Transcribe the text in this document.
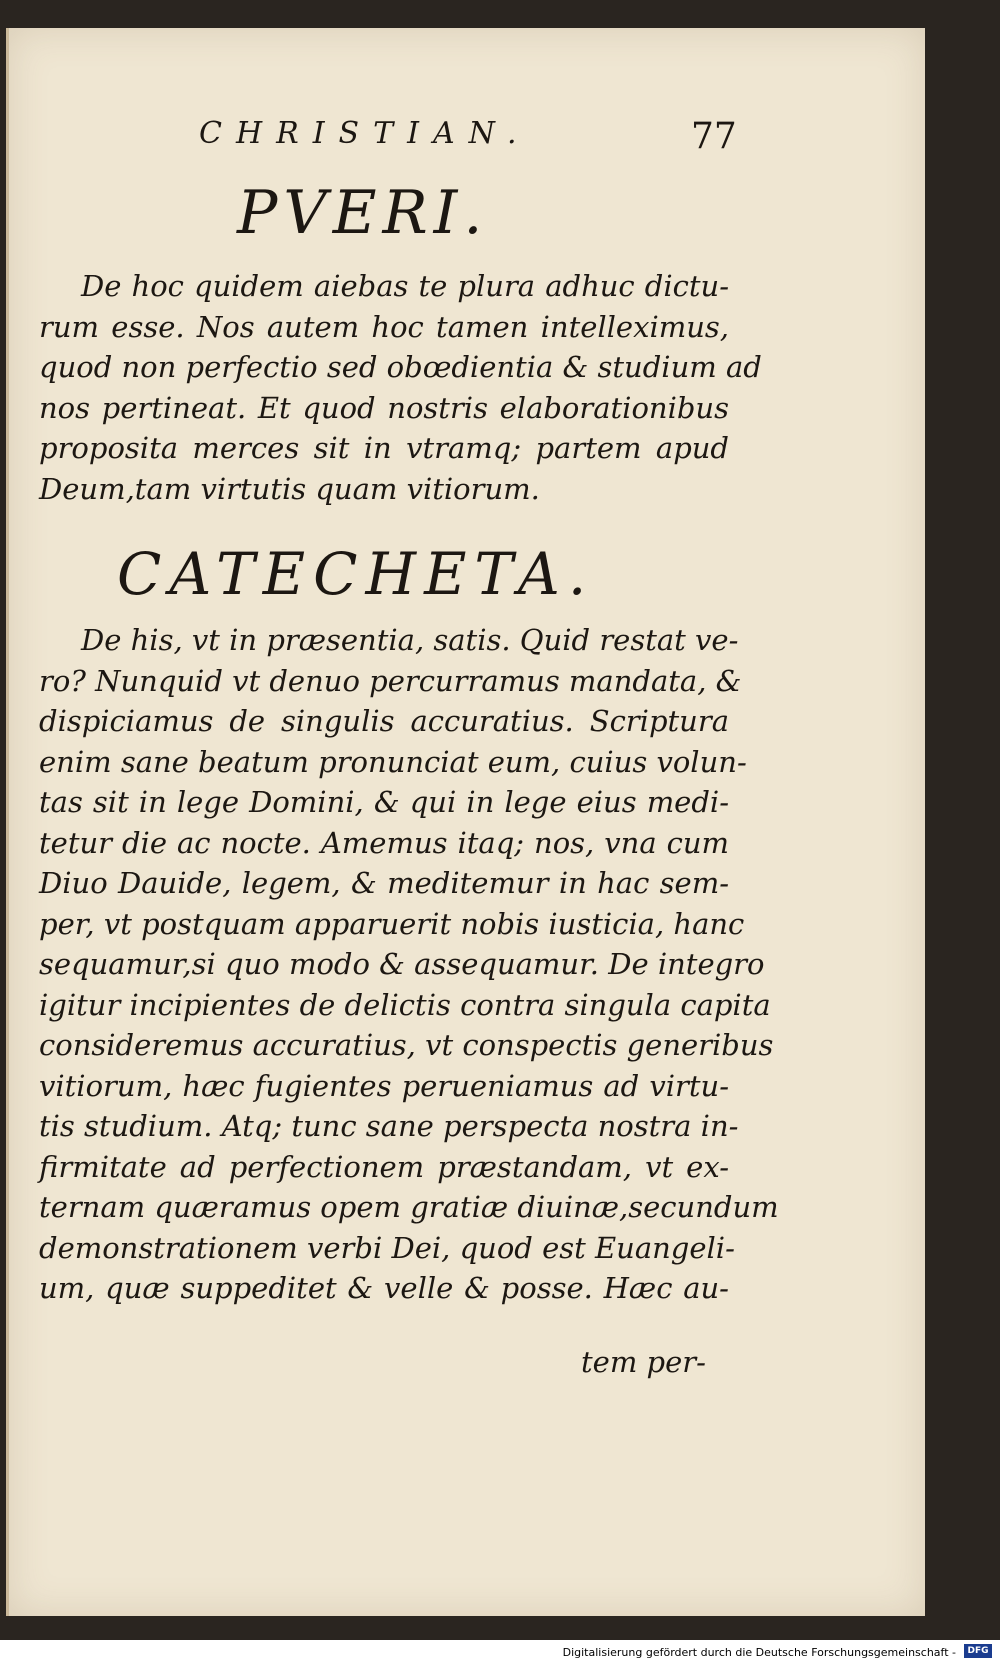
CHRISTIAN.	77
PVERI.
De hoc quidem aiebas te plura adhuc dictu-
rum esse. Nos autem hoc tamen intelleximus,
quod non perfectio sed obœdientia & studium ad
nos pertineat. Et quod nostris elaborationibus
proposita merces sit in vtramq; partem apud
Deum,tam virtutis quam vitiorum.
CATECHETA.
De his, vt in præsentia, satis. Quid restat ve-
ro? Nunquid vt denuo percurramus mandata, &
dispiciamus de singulis accuratius. Scriptura
enim sane beatum pronunciat eum, cuius volun-
tas sit in lege Domini, & qui in lege eius medi-
tetur die ac nocte. Amemus itaq; nos, vna cum
Diuo Dauide, legem, & meditemur in hac sem-
per, vt postquam apparuerit nobis iusticia, hanc
sequamur,si quo modo & assequamur. De integro
igitur incipientes de delictis contra singula capita
consideremus accuratius, vt conspectis generibus
vitiorum, hæc fugientes perueniamus ad virtu-
tis studium. Atq; tunc sane perspecta nostra in-
firmitate ad perfectionem præstandam, vt ex-
ternam quæramus opem gratiæ diuinæ,secundum
demonstrationem verbi Dei, quod est Euangeli-
um, quæ suppeditet & velle & posse. Hæc au-
tem per-
Digitalisierung gefördert durch die Deutsche Forschungsgemeinschaft -	DFG
